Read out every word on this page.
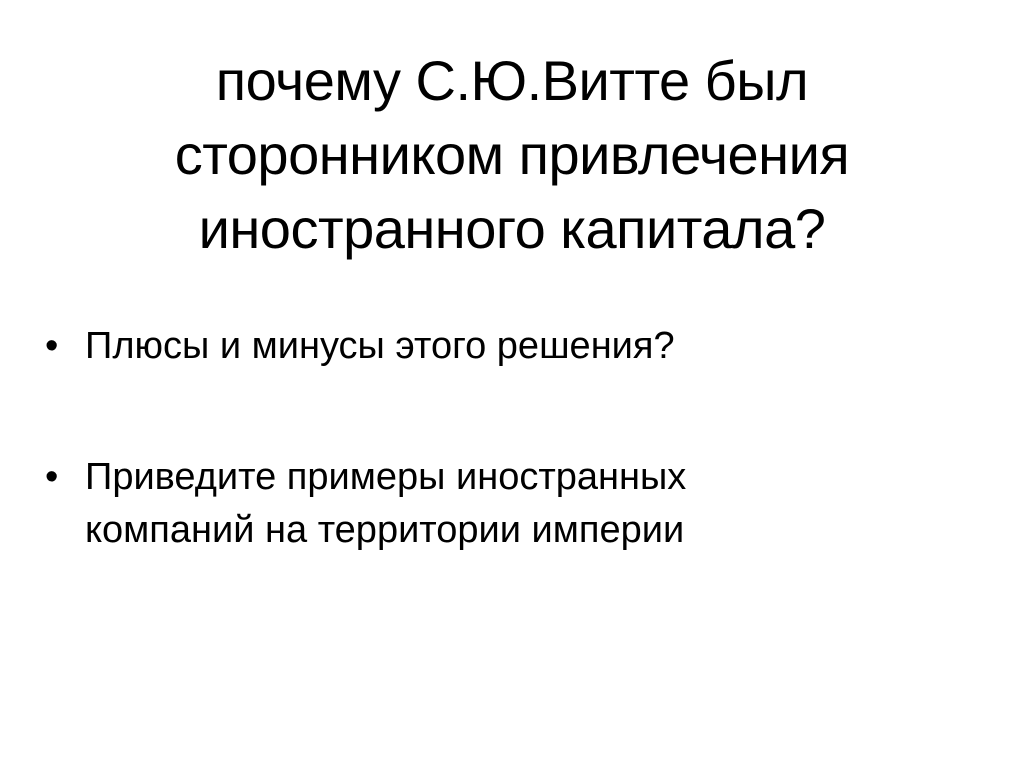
почему С.Ю.Витте был
сторонником привлечения
иностранного капитала?
• Плюсы и минусы этого решения?
• Приведите примеры иностранных компаний на территории империи
